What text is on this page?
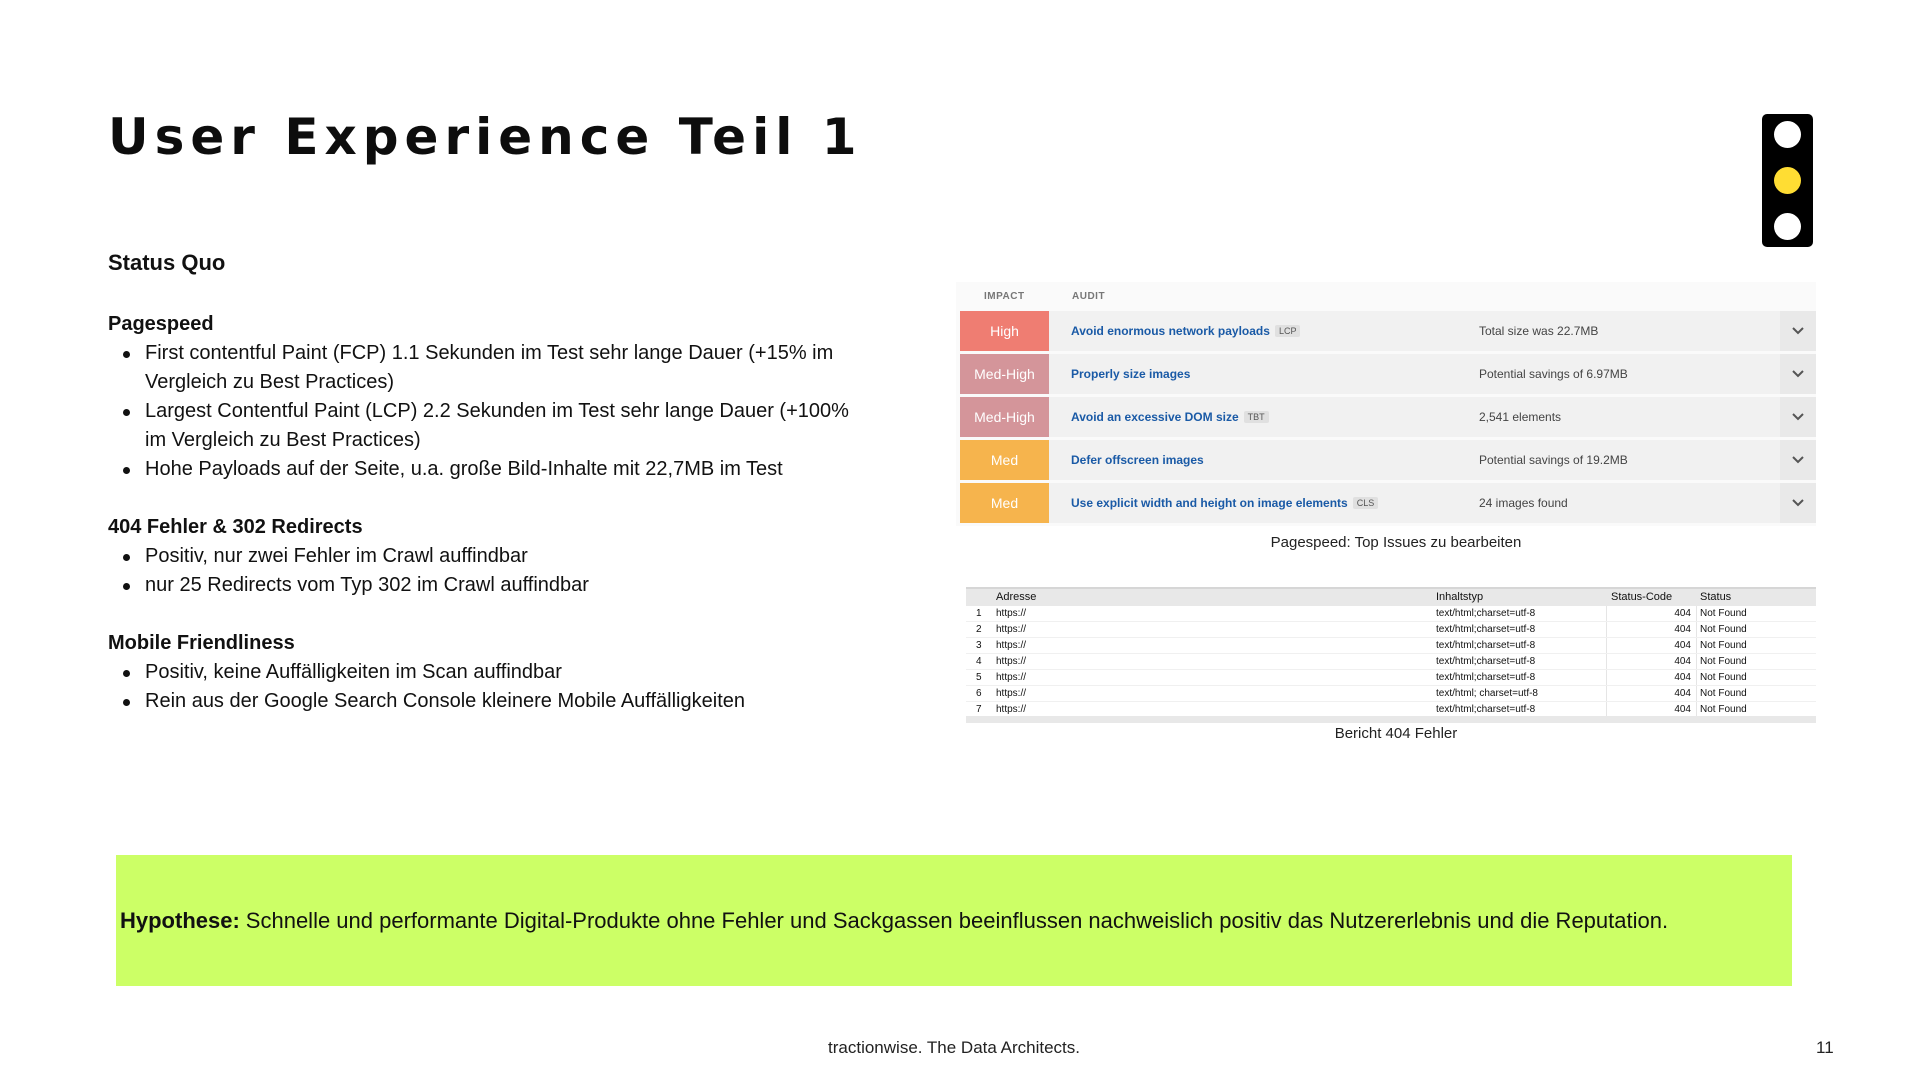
User Experience Teil 1
Status Quo
Pagespeed
First contentful Paint (FCP) 1.1 Sekunden im Test sehr lange Dauer (+15% im Vergleich zu Best Practices)
Largest Contentful Paint (LCP) 2.2 Sekunden im Test sehr lange Dauer (+100% im Vergleich zu Best Practices)
Hohe Payloads auf der Seite, u.a. große Bild-Inhalte mit 22,7MB im Test
404 Fehler & 302 Redirects
Positiv, nur zwei Fehler im Crawl auffindbar
nur 25 Redirects vom Typ 302 im Crawl auffindbar
Mobile Friendliness
Positiv, keine Auffälligkeiten im Scan auffindbar
Rein aus der Google Search Console kleinere Mobile Auffälligkeiten
IMPACT	AUDIT
High	Avoid enormous network payloads	LCP	Total size was 22.7MB
Med-High	Properly size images	Potential savings of 6.97MB
Med-High	Avoid an excessive DOM size	TBT	2,541 elements
Med	Defer offscreen images	Potential savings of 19.2MB
Med	Use explicit width and height on image elements	CLS	24 images found
Pagespeed: Top Issues zu bearbeiten
Adresse	Inhaltstyp	Status-Code	Status
1 https://	text/html;charset=utf-8	404 Not Found
2 https://	text/html;charset=utf-8	404 Not Found
3 https://	text/html;charset=utf-8	404 Not Found
4 https://	text/html;charset=utf-8	404 Not Found
5 https://	text/html;charset=utf-8	404 Not Found
6 https://	text/html; charset=utf-8	404 Not Found
7 https://	text/html;charset=utf-8	404 Not Found
Bericht 404 Fehler
Hypothese: Schnelle und performante Digital-Produkte ohne Fehler und Sackgassen beeinflussen nachweislich positiv das Nutzererlebnis und die Reputation.
tractionwise. The Data Architects.	11
